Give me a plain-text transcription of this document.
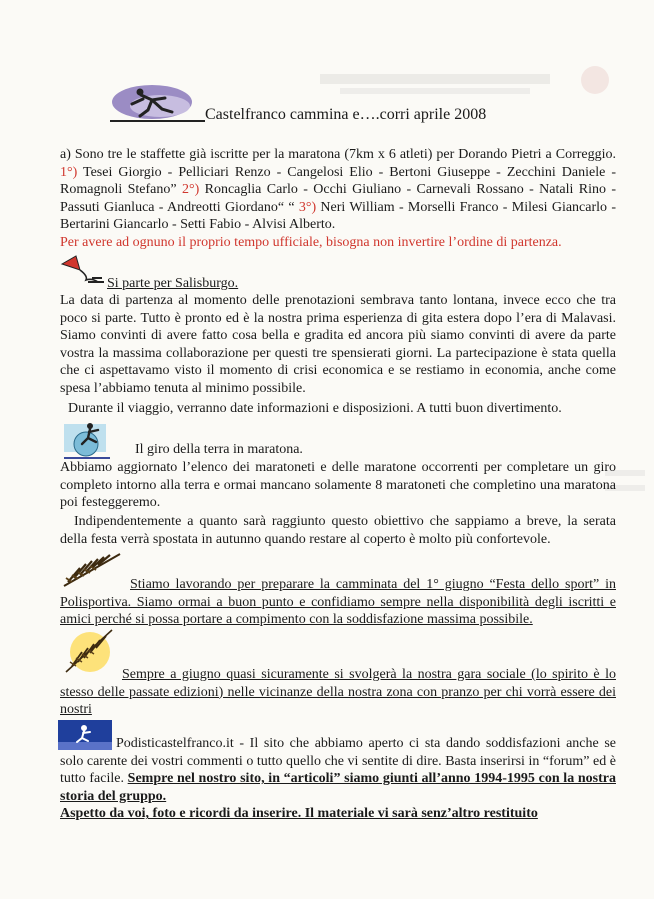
Castelfranco cammina e….corri aprile 2008

a) Sono tre le staffette già iscritte per la maratona (7km x 6 atleti) per Dorando Pietri a Correggio. 1°) Tesei Giorgio - Pelliciari Renzo - Cangelosi Elio - Bertoni Giuseppe - Zecchini Daniele - Romagnoli Stefano” 2°) Roncaglia Carlo - Occhi Giuliano - Carnevali Rossano - Natali Rino - Passuti Gianluca - Andreotti Giordano“ “ 3°) Neri William - Morselli Franco - Milesi Giancarlo - Bertarini Giancarlo - Setti Fabio - Alvisi Alberto.

Per avere ad ognuno il proprio tempo ufficiale, bisogna non invertire l’ordine di partenza.

Si parte per Salisburgo.

La data di partenza al momento delle prenotazioni sembrava tanto lontana, invece ecco che tra poco si parte. Tutto è pronto ed è la nostra prima esperienza di gita estera dopo l’era di Malavasi. Siamo convinti di avere fatto cosa bella e gradita ed ancora più siamo convinti di avere da parte vostra la massima collaborazione per questi tre spensierati giorni. La partecipazione è stata quella che ci aspettavamo visto il momento di crisi economica e se restiamo in economia, anche come spesa l’abbiamo tenuta al minimo possibile.

Durante il viaggio, verranno date informazioni e disposizioni. A tutti buon divertimento.

Il giro della terra in maratona.

Abbiamo aggiornato l’elenco dei maratoneti e delle maratone occorrenti per completare un giro completo intorno alla terra e ormai mancano solamente 8 maratoneti che completino una maratona poi festeggeremo.

Indipendentemente a quanto sarà raggiunto questo obiettivo che sappiamo a breve, la serata della festa verrà spostata in autunno quando restare al coperto è molto più confortevole.

Stiamo lavorando per preparare la camminata del 1° giugno “Festa dello sport” in Polisportiva. Siamo ormai a buon punto e confidiamo sempre nella disponibilità degli iscritti e amici perché si possa portare a compimento con la soddisfazione massima possibile.

Sempre a giugno quasi sicuramente si svolgerà la nostra gara sociale (lo spirito è lo stesso delle passate edizioni) nelle vicinanze della nostra zona con pranzo per chi vorrà essere dei nostri

Podisticastelfranco.it - Il sito che abbiamo aperto ci sta dando soddisfazioni anche se solo carente dei vostri commenti o tutto quello che vi sentite di dire. Basta inserirsi in “forum” ed è tutto facile. Sempre nel nostro sito, in “articoli” siamo giunti all’anno 1994-1995 con la nostra storia del gruppo.
Aspetto da voi, foto e ricordi da inserire. Il materiale vi sarà senz’altro restituito
